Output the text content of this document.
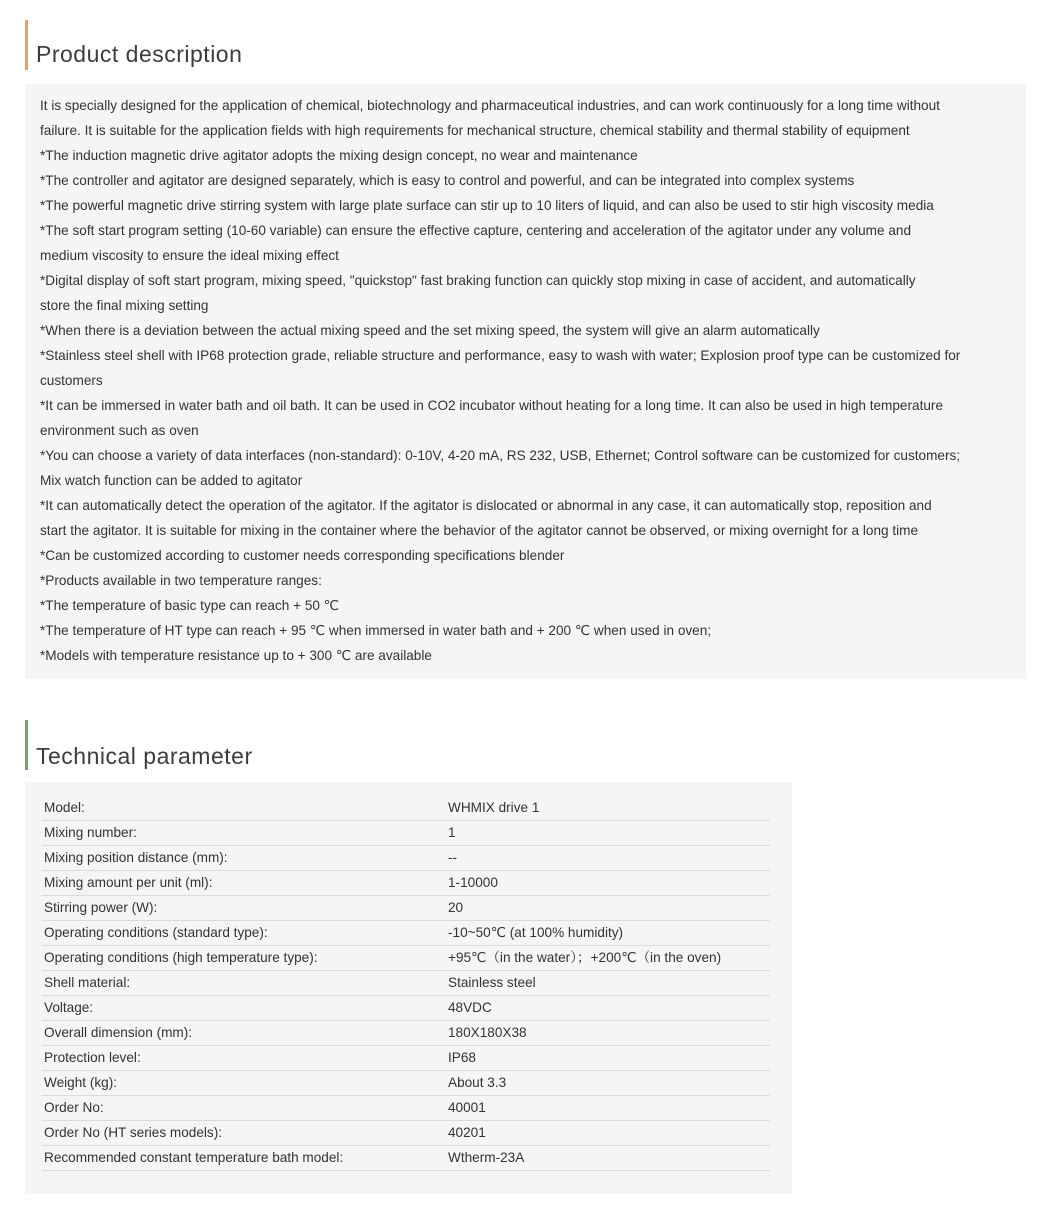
Product description
It is specially designed for the application of chemical, biotechnology and pharmaceutical industries, and can work continuously for a long time without
failure. It is suitable for the application fields with high requirements for mechanical structure, chemical stability and thermal stability of equipment
*The induction magnetic drive agitator adopts the mixing design concept, no wear and maintenance
*The controller and agitator are designed separately, which is easy to control and powerful, and can be integrated into complex systems
*The powerful magnetic drive stirring system with large plate surface can stir up to 10 liters of liquid, and can also be used to stir high viscosity media
*The soft start program setting (10-60 variable) can ensure the effective capture, centering and acceleration of the agitator under any volume and
medium viscosity to ensure the ideal mixing effect
*Digital display of soft start program, mixing speed, "quickstop" fast braking function can quickly stop mixing in case of accident, and automatically
store the final mixing setting
*When there is a deviation between the actual mixing speed and the set mixing speed, the system will give an alarm automatically
*Stainless steel shell with IP68 protection grade, reliable structure and performance, easy to wash with water; Explosion proof type can be customized for
customers
*It can be immersed in water bath and oil bath. It can be used in CO2 incubator without heating for a long time. It can also be used in high temperature
environment such as oven
*You can choose a variety of data interfaces (non-standard): 0-10V, 4-20 mA, RS 232, USB, Ethernet; Control software can be customized for customers;
Mix watch function can be added to agitator
*It can automatically detect the operation of the agitator. If the agitator is dislocated or abnormal in any case, it can automatically stop, reposition and
start the agitator. It is suitable for mixing in the container where the behavior of the agitator cannot be observed, or mixing overnight for a long time
*Can be customized according to customer needs corresponding specifications blender
*Products available in two temperature ranges:
*The temperature of basic type can reach + 50 ℃
*The temperature of HT type can reach + 95 ℃ when immersed in water bath and + 200 ℃ when used in oven;
*Models with temperature resistance up to + 300 ℃ are available
Technical parameter
Model:	WHMIX drive 1
Mixing number:	1
Mixing position distance (mm):	--
Mixing amount per unit (ml):	1-10000
Stirring power (W):	20
Operating conditions (standard type):	-10~50℃ (at 100% humidity)
Operating conditions (high temperature type):	+95℃（in the water）；+200℃（in the oven)
Shell material:	Stainless steel
Voltage:	48VDC
Overall dimension (mm):	180X180X38
Protection level:	IP68
Weight (kg):	About 3.3
Order No:	40001
Order No (HT series models):	40201
Recommended constant temperature bath model:	Wtherm-23A
